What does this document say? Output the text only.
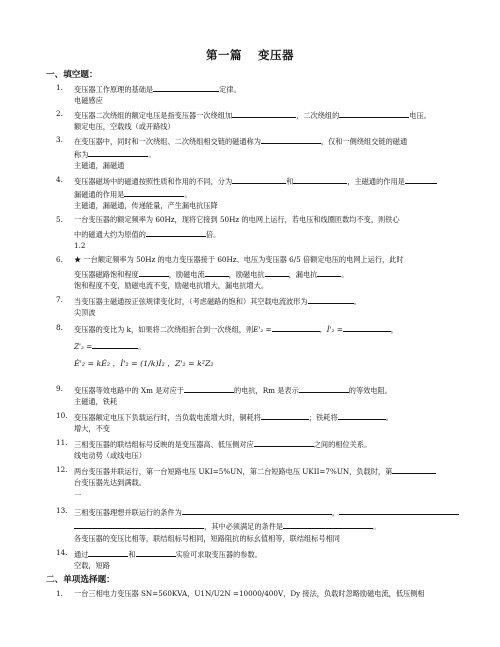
第一篇 变压器
一、填空题：
1. 变压器工作原理的基础是	定律。
电磁感应
2. 变压器二次绕组的额定电压是指变压器一次绕组加	，二次绕组的	电压。
额定电压，空载线（或开路线）
3. 在变压器中，同时和一次绕组、二次绕组相交链的磁通称为	，仅和一侧绕组交链的磁通
称为	。
主磁通，漏磁通
4. 变压器磁场中的磁通按照性质和作用的不同，分为	和	，主磁通的作用是
漏磁通的作用是	。
主磁通，漏磁通，传递能量，产生漏电抗压降
5. 一台变压器的额定频率为 60Hz，现将它接到 50Hz 的电网上运行，若电压和线圈匝数均不变，则铁心
中的磁通大约为原值的	倍。
1.2
6. ★ 一台额定频率为 50Hz 的电力变压器接于 60Hz、电压为变压器 6/5 倍额定电压的电网上运行，此时
变压器磁路饱和程度	，励磁电流	，励磁电抗	，漏电抗	。
饱和程度不变，励磁电流不变，励磁电抗增大，漏电抗增大。
7. 当变压器主磁通按正弦规律变化时，（考虑磁路的饱和）其空载电流波形为	。
尖顶波
8. 变压器的变比为 k，如果将二次绕组折合到一次绕组，则E'₂ =	，İ'₂ =	，
Z'₂ =	。
Ė'₂ = kĖ₂ ，İ'₂ = (1/k)İ₂ ，Z'₂ = k²Z₂
9. 变压器等效电路中的 Xm 是对应于	的电抗，Rm 是表示	的等效电阻。
主磁通，铁耗
10. 变压器额定电压下负载运行时，当负载电流增大时，铜耗将	；铁耗将	。
增大，不变
11. 三相变压器的联结组标号反映的是变压器高、低压侧对应	之间的相位关系。
线电动势（或线电压）
12. 两台变压器并联运行，第一台短路电压 UKI=5%UN，第二台短路电压 UKII=7%UN，负载时，第
台变压器先达到满载。
一
13. 三相变压器理想并联运行的条件为	，
，其中必须满足的条件是	。
各变压器的变压比相等，联结组标号相同，短路阻抗的标幺值相等，联结组标号相同
14. 通过	和	实验可求取变压器的参数。
空载，短路
二、单项选择题：
1. 一台三相电力变压器 SN=560KVA，U1N/U2N =10000/400V，Dy 接法，负载时忽略励磁电流，低压侧相
